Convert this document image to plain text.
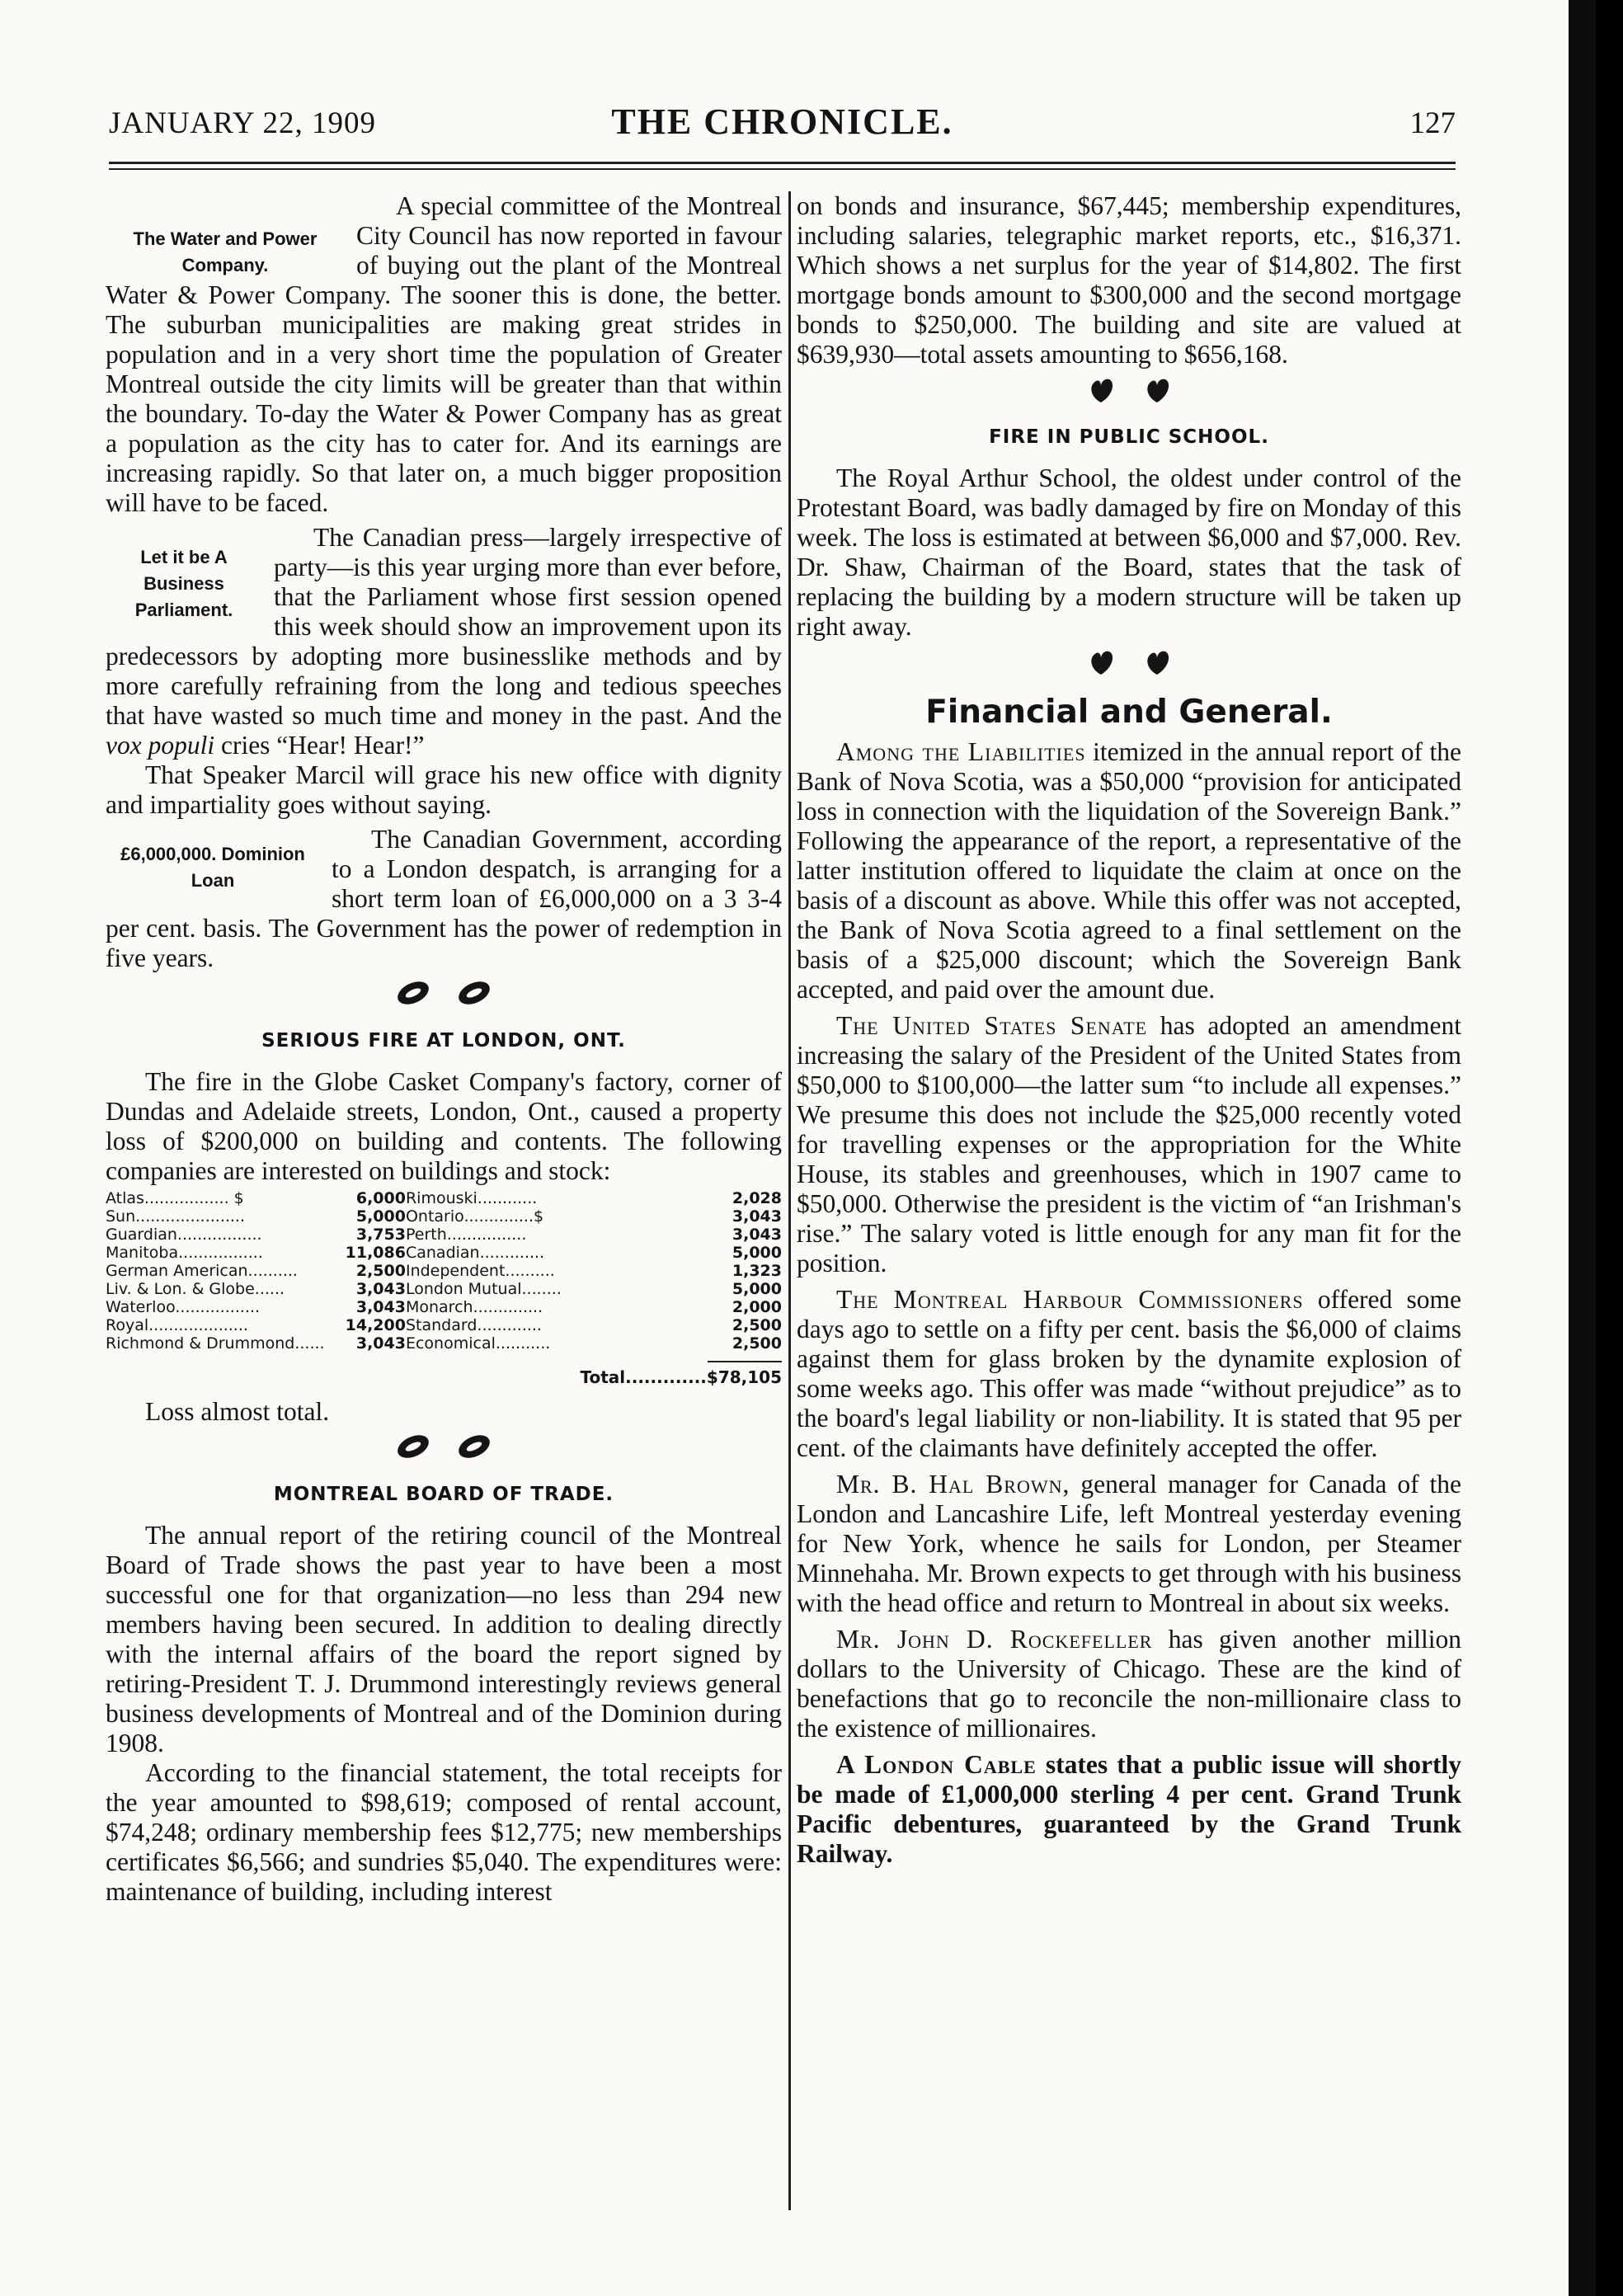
JANUARY 22, 1909	THE CHRONICLE.	127
The Water and Power Company.

A special committee of the Montreal City Council has now reported in favour of buying out the plant of the Montreal Water & Power Company. The sooner this is done, the better. The suburban municipalities are making great strides in population and in a very short time the population of Greater Montreal outside the city limits will be greater than that within the boundary. To-day the Water & Power Company has as great a population as the city has to cater for. And its earnings are increasing rapidly. So that later on, a much bigger proposition will have to be faced.

Let it be A Business Parliament.

The Canadian press—largely irrespective of party—is this year urging more than ever before, that the Parliament whose first session opened this week should show an improvement upon its predecessors by adopting more businesslike methods and by more carefully refraining from the long and tedious speeches that have wasted so much time and money in the past. And the vox populi cries “Hear! Hear!”

That Speaker Marcil will grace his new office with dignity and impartiality goes without saying.

£6,000,000. Dominion Loan

The Canadian Government, according to a London despatch, is arranging for a short term loan of £6,000,000 on a 3 3-4 per cent. basis. The Government has the power of redemption in five years.

SERIOUS FIRE AT LONDON, ONT.

The fire in the Globe Casket Company's factory, corner of Dundas and Adelaide streets, London, Ont., caused a property loss of $200,000 on building and contents. The following companies are interested on buildings and stock:

Atlas................. $	6,000	Rimouski............	2,028
Sun......................	5,000	Ontario..............$	3,043
Guardian.................	3,753	Perth................	3,043
Manitoba.................	11,086	Canadian.............	5,000
German American..........	2,500	Independent..........	1,323
Liv. & Lon. & Globe......	3,043	London Mutual........	5,000
Waterloo.................	3,043	Monarch..............	2,000
Royal....................	14,200	Standard.............	2,500
Richmond & Drummond......	3,043	Economical...........	2,500
Total.............$78,105

Loss almost total.

MONTREAL BOARD OF TRADE.

The annual report of the retiring council of the Montreal Board of Trade shows the past year to have been a most successful one for that organization—no less than 294 new members having been secured. In addition to dealing directly with the internal affairs of the board the report signed by retiring-President T. J. Drummond interestingly reviews general business developments of Montreal and of the Dominion during 1908.

According to the financial statement, the total receipts for the year amounted to $98,619; composed of rental account, $74,248; ordinary membership fees $12,775; new memberships certificates $6,566; and sundries $5,040. The expenditures were: maintenance of building, including interest

on bonds and insurance, $67,445; membership expenditures, including salaries, telegraphic market reports, etc., $16,371. Which shows a net surplus for the year of $14,802. The first mortgage bonds amount to $300,000 and the second mortgage bonds to $250,000. The building and site are valued at $639,930—total assets amounting to $656,168.

FIRE IN PUBLIC SCHOOL.

The Royal Arthur School, the oldest under control of the Protestant Board, was badly damaged by fire on Monday of this week. The loss is estimated at between $6,000 and $7,000. Rev. Dr. Shaw, Chairman of the Board, states that the task of replacing the building by a modern structure will be taken up right away.

Financial and General.

Among the Liabilities itemized in the annual report of the Bank of Nova Scotia, was a $50,000 “provision for anticipated loss in connection with the liquidation of the Sovereign Bank.” Following the appearance of the report, a representative of the latter institution offered to liquidate the claim at once on the basis of a discount as above. While this offer was not accepted, the Bank of Nova Scotia agreed to a final settlement on the basis of a $25,000 discount; which the Sovereign Bank accepted, and paid over the amount due.

The United States Senate has adopted an amendment increasing the salary of the President of the United States from $50,000 to $100,000—the latter sum “to include all expenses.” We presume this does not include the $25,000 recently voted for travelling expenses or the appropriation for the White House, its stables and greenhouses, which in 1907 came to $50,000. Otherwise the president is the victim of “an Irishman's rise.” The salary voted is little enough for any man fit for the position.

The Montreal Harbour Commissioners offered some days ago to settle on a fifty per cent. basis the $6,000 of claims against them for glass broken by the dynamite explosion of some weeks ago. This offer was made “without prejudice” as to the board's legal liability or non-liability. It is stated that 95 per cent. of the claimants have definitely accepted the offer.

Mr. B. Hal Brown, general manager for Canada of the London and Lancashire Life, left Montreal yesterday evening for New York, whence he sails for London, per Steamer Minnehaha. Mr. Brown expects to get through with his business with the head office and return to Montreal in about six weeks.

Mr. John D. Rockefeller has given another million dollars to the University of Chicago. These are the kind of benefactions that go to reconcile the non-millionaire class to the existence of millionaires.

A London Cable states that a public issue will shortly be made of £1,000,000 sterling 4 per cent. Grand Trunk Pacific debentures, guaranteed by the Grand Trunk Railway.
